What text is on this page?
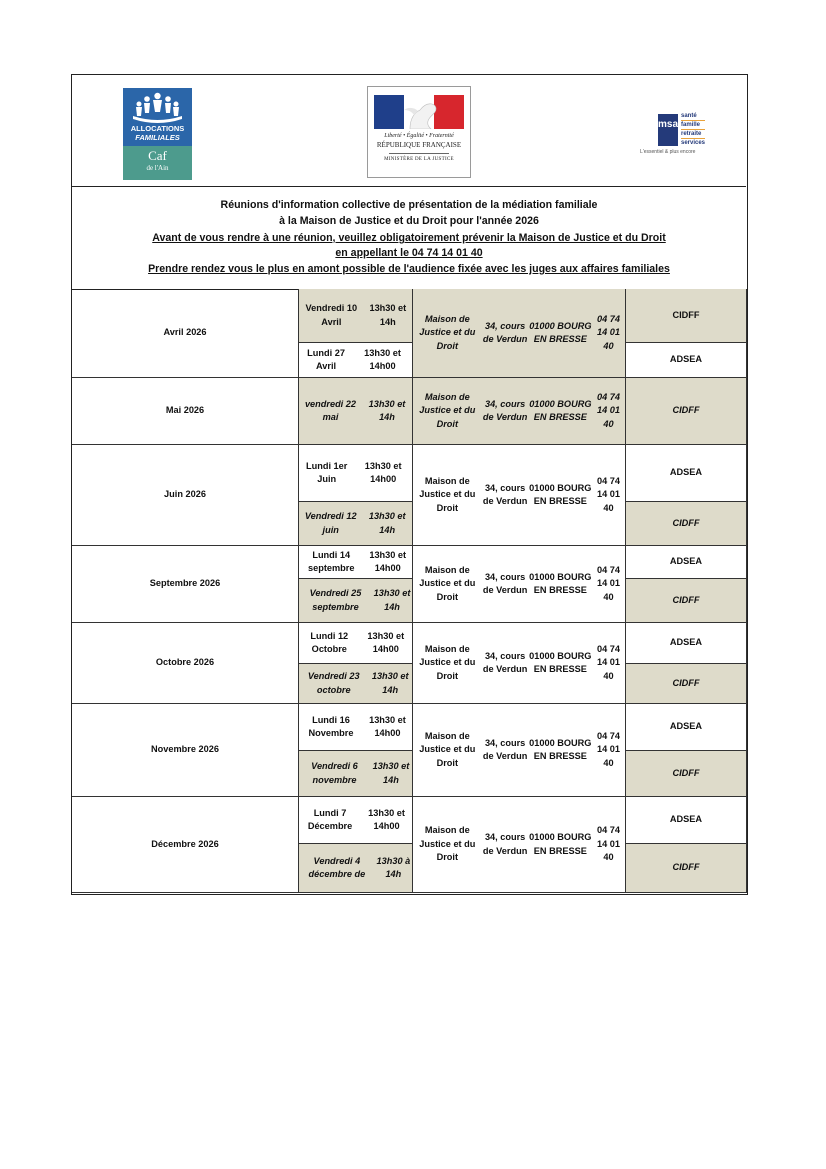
ALLOCATIONS
FAMILIALES
Caf
de l'Ain
Liberté • Égalité • Fraternité
RÉPUBLIQUE FRANÇAISE
MINISTÈRE DE LA JUSTICE
msa
santé
famille
retraite
services
L'essentiel & plus encore
Réunions d'information collective de présentation de la médiation familiale
à la Maison de Justice et du Droit pour l'année 2026
Avant de vous rendre à une réunion, veuillez obligatoirement prévenir la Maison de Justice et du Droit
en appellant le 04 74 14 01 40
Prendre rendez vous le plus en amont possible de l'audience fixée avec les juges aux affaires familiales
Avril 2026
Maison de Justice et du Droit
34, cours de Verdun
01000 BOURG EN BRESSE
04 74 14 01 40
Vendredi 10 Avril
13h30 et 14h
CIDFF
Lundi 27 Avril
13h30 et 14h00
ADSEA
Mai 2026
Maison de Justice et du Droit
34, cours de Verdun
01000 BOURG EN BRESSE
04 74 14 01 40
vendredi 22 mai
13h30 et 14h
CIDFF
Juin 2026
Maison de Justice et du Droit
34, cours de Verdun
01000 BOURG EN BRESSE
04 74 14 01 40
Lundi 1er Juin
13h30 et 14h00
ADSEA
Vendredi 12 juin
13h30 et 14h
CIDFF
Septembre 2026
Maison de Justice et du Droit
34, cours de Verdun
01000 BOURG EN BRESSE
04 74 14 01 40
Lundi 14 septembre
13h30 et 14h00
ADSEA
Vendredi 25 septembre
13h30 et 14h
CIDFF
Octobre 2026
Maison de Justice et du Droit
34, cours de Verdun
01000 BOURG EN BRESSE
04 74 14 01 40
Lundi 12 Octobre
13h30 et 14h00
ADSEA
Vendredi 23 octobre
13h30 et 14h
CIDFF
Novembre 2026
Maison de Justice et du Droit
34, cours de Verdun
01000 BOURG EN BRESSE
04 74 14 01 40
Lundi 16 Novembre
13h30 et 14h00
ADSEA
Vendredi 6 novembre
13h30 et 14h
CIDFF
Décembre 2026
Maison de Justice et du Droit
34, cours de Verdun
01000 BOURG EN BRESSE
04 74 14 01 40
Lundi 7 Décembre
13h30 et 14h00
ADSEA
Vendredi 4 décembre de
13h30 à 14h
CIDFF
